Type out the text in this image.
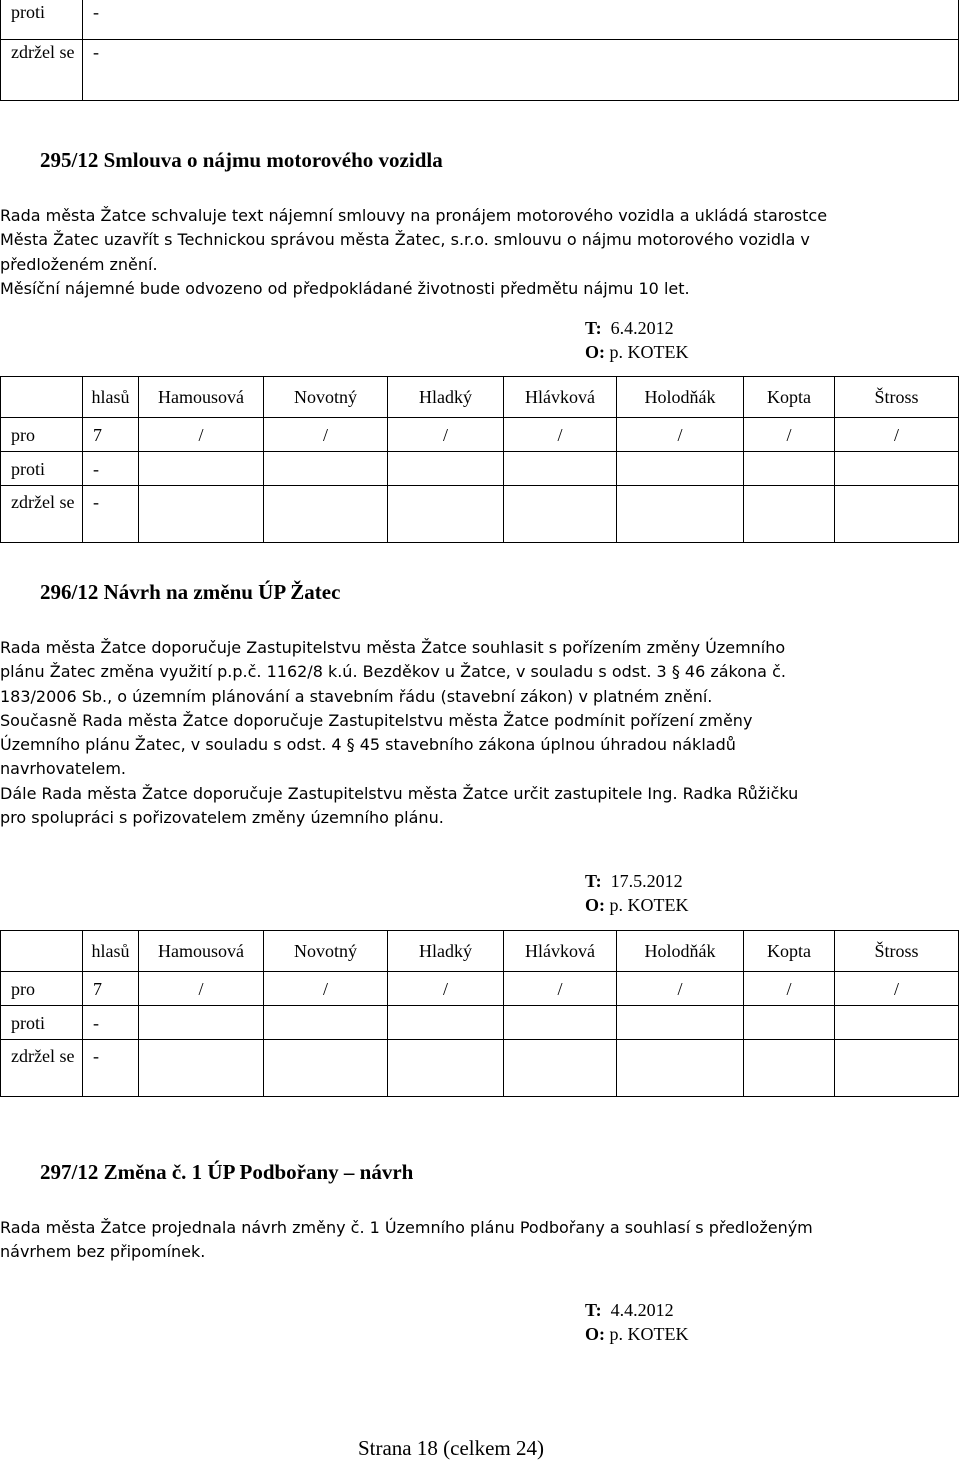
proti	-
zdržel se	-
295/12 Smlouva o nájmu motorového vozidla
Rada města Žatce schvaluje text nájemní smlouvy na pronájem motorového vozidla a ukládá starostce
Města Žatec uzavřít s Technickou správou města Žatec, s.r.o. smlouvu o nájmu motorového vozidla v
předloženém znění.
Měsíční nájemné bude odvozeno od předpokládané životnosti předmětu nájmu 10 let.
T: 6.4.2012
O: p. KOTEK
	hlasů	Hamousová	Novotný	Hladký	Hlávková	Holodňák	Kopta	Štross
pro	7	/	/	/	/	/	/	/
proti	-							
zdržel se	-							
296/12 Návrh na změnu ÚP Žatec
Rada města Žatce doporučuje Zastupitelstvu města Žatce souhlasit s pořízením změny Územního
plánu Žatec změna využití p.p.č. 1162/8 k.ú. Bezděkov u Žatce, v souladu s odst. 3 § 46 zákona č.
183/2006 Sb., o územním plánování a stavebním řádu (stavební zákon) v platném znění.
Současně Rada města Žatce doporučuje Zastupitelstvu města Žatce podmínit pořízení změny
Územního plánu Žatec, v souladu s odst. 4 § 45 stavebního zákona úplnou úhradou nákladů
navrhovatelem.
Dále Rada města Žatce doporučuje Zastupitelstvu města Žatce určit zastupitele Ing. Radka Růžičku
pro spolupráci s pořizovatelem změny územního plánu.
T: 17.5.2012
O: p. KOTEK
	hlasů	Hamousová	Novotný	Hladký	Hlávková	Holodňák	Kopta	Štross
pro	7	/	/	/	/	/	/	/
proti	-							
zdržel se	-							
297/12 Změna č. 1 ÚP Podbořany – návrh
Rada města Žatce projednala návrh změny č. 1 Územního plánu Podbořany a souhlasí s předloženým
návrhem bez připomínek.
T: 4.4.2012
O: p. KOTEK
Strana 18 (celkem 24)
